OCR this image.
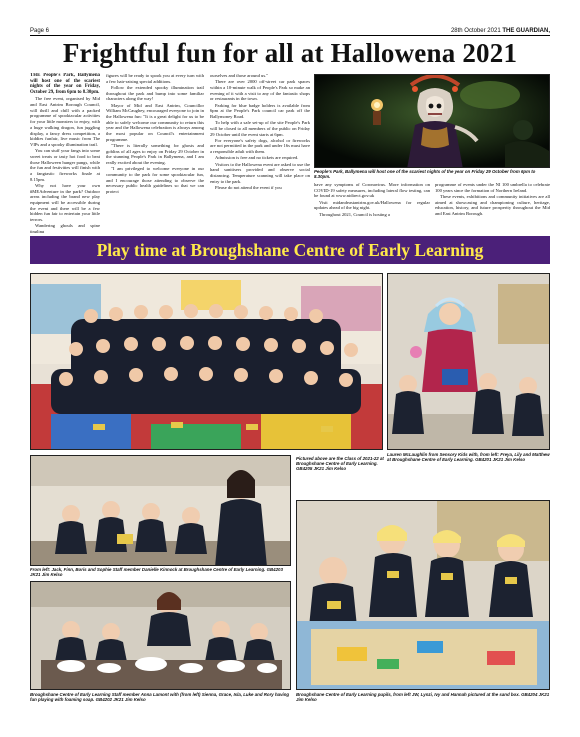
Page 6	28th October 2021 THE GUARDIAN,
Frightful fun for all at Hallowena 2021

THE People's Park, Ballymena will host one of the scariest nights of the year on Friday, October 29, from 6pm to 8.30pm.

The free event, organised by Mid and East Antrim Borough Council, will thrill and chill with a packed programme of spooktacular activities for your little monsters to enjoy, with a huge walking dragon, fun juggling display, a fancy dress competition, a kiddies funfair, live music from The VIPs and a spooky illumination trail.

You can stuff your fangs into some sweet treats or tasty hot food to beat those Halloween hunger pangs, while the fun and festivities will finish with a fangtastic fireworks finale at 8.15pm.

Why not have your own #MEAdventure in the park? Outdoor areas including the brand new play equipment will be accessible during the event and there will be a few hidden fun fair to entertain your little terrors.

Wandering ghouls and spine tingling

figures will be ready to spook you at every turn with a few hair-raising special additions.

Follow the extended spooky illumination trail throughout the park and bump into some familiar characters along the way!

Mayor of Mid and East Antrim, Councillor William McCaughey, encouraged everyone to join in the Hallowena fun: "It is a great delight for us to be able to safely welcome our community to return this year and the Hallowena celebration is always among the most popular on Council's entertainment programme.

"There is literally something for ghosts and goblins of all ages to enjoy on Friday 29 October in the stunning People's Park in Ballymena, and I am really excited about the evening.

"I am privileged to welcome everyone in our community to the park for some spooktacular fun, and I encourage those attending to observe the necessary public health guidelines so that we can protect

ourselves and those around us."

There are over 2000 off-street car park spaces within a 10-minute walk of People's Park so make an evening of it with a visit to any of the fantastic shops or restaurants in the town.

Parking for blue badge holders is available from 6pm at the People's Park council car park off the Ballymoney Road.

To help with a safe set-up of the site People's Park will be closed to all members of the public on Friday 29 October until the event starts at 6pm.

For everyone's safety dogs, alcohol or fireworks are not permitted in the park and under 16s must have a responsible adult with them.

Admission is free and no tickets are required.

Visitors to the Hallowena event are asked to use the hand sanitisers provided and observe social distancing. Temperature scanning will take place on entry to the park.

Please do not attend the event if you

People's Park, Ballymena will host one of the scariest nights of the year on Friday 29 October from 6pm to 8.30pm.

have any symptoms of Coronavirus. More information on COVID-19 safety measures, including lateral flow testing, can be found at www.nidirect.gov.uk

Visit midandeastantrim.gov.uk/Hallowena for regular updates ahead of the big night.

Throughout 2021, Council is hosting a

programme of events under the NI 100 umbrella to celebrate 100 years since the formation of Northern Ireland.

These events, exhibitions and community initiatives are all aimed at showcasing and championing culture, heritage, education, history, and future prosperity throughout the Mid and East Antrim Borough.

Play time at Broughshane Centre of Early Learning
Pictured above are the Class of 2021-22 at Broughshane Centre of Early Learning. GB4205 JK21 Jim Kelso
Lauren McLaughlin from Sensory Kids with, from left: Freya, Lily and Matthew at Broughshane Centre of Early Learning. GB4201 JK21 Jim Kelso
From left: Jack, Finn, Boris and Sophie Staff member Danielle Kinnock at Broughshane Centre of Early Learning. GB4203 JK21 Jim Kelso
Broughshane Centre of Early Learning Staff member Anna Lamont with (from left) Sienna, Grace, Isla, Luke and Rory having fun playing with foaming soap. GB4202 JK21 Jim Kelso
Broughshane Centre of Early Learning pupils, from left JW, Lynzi, Ivy and Hannah pictured at the sand box. GB4204 JK21 Jim Kelso
